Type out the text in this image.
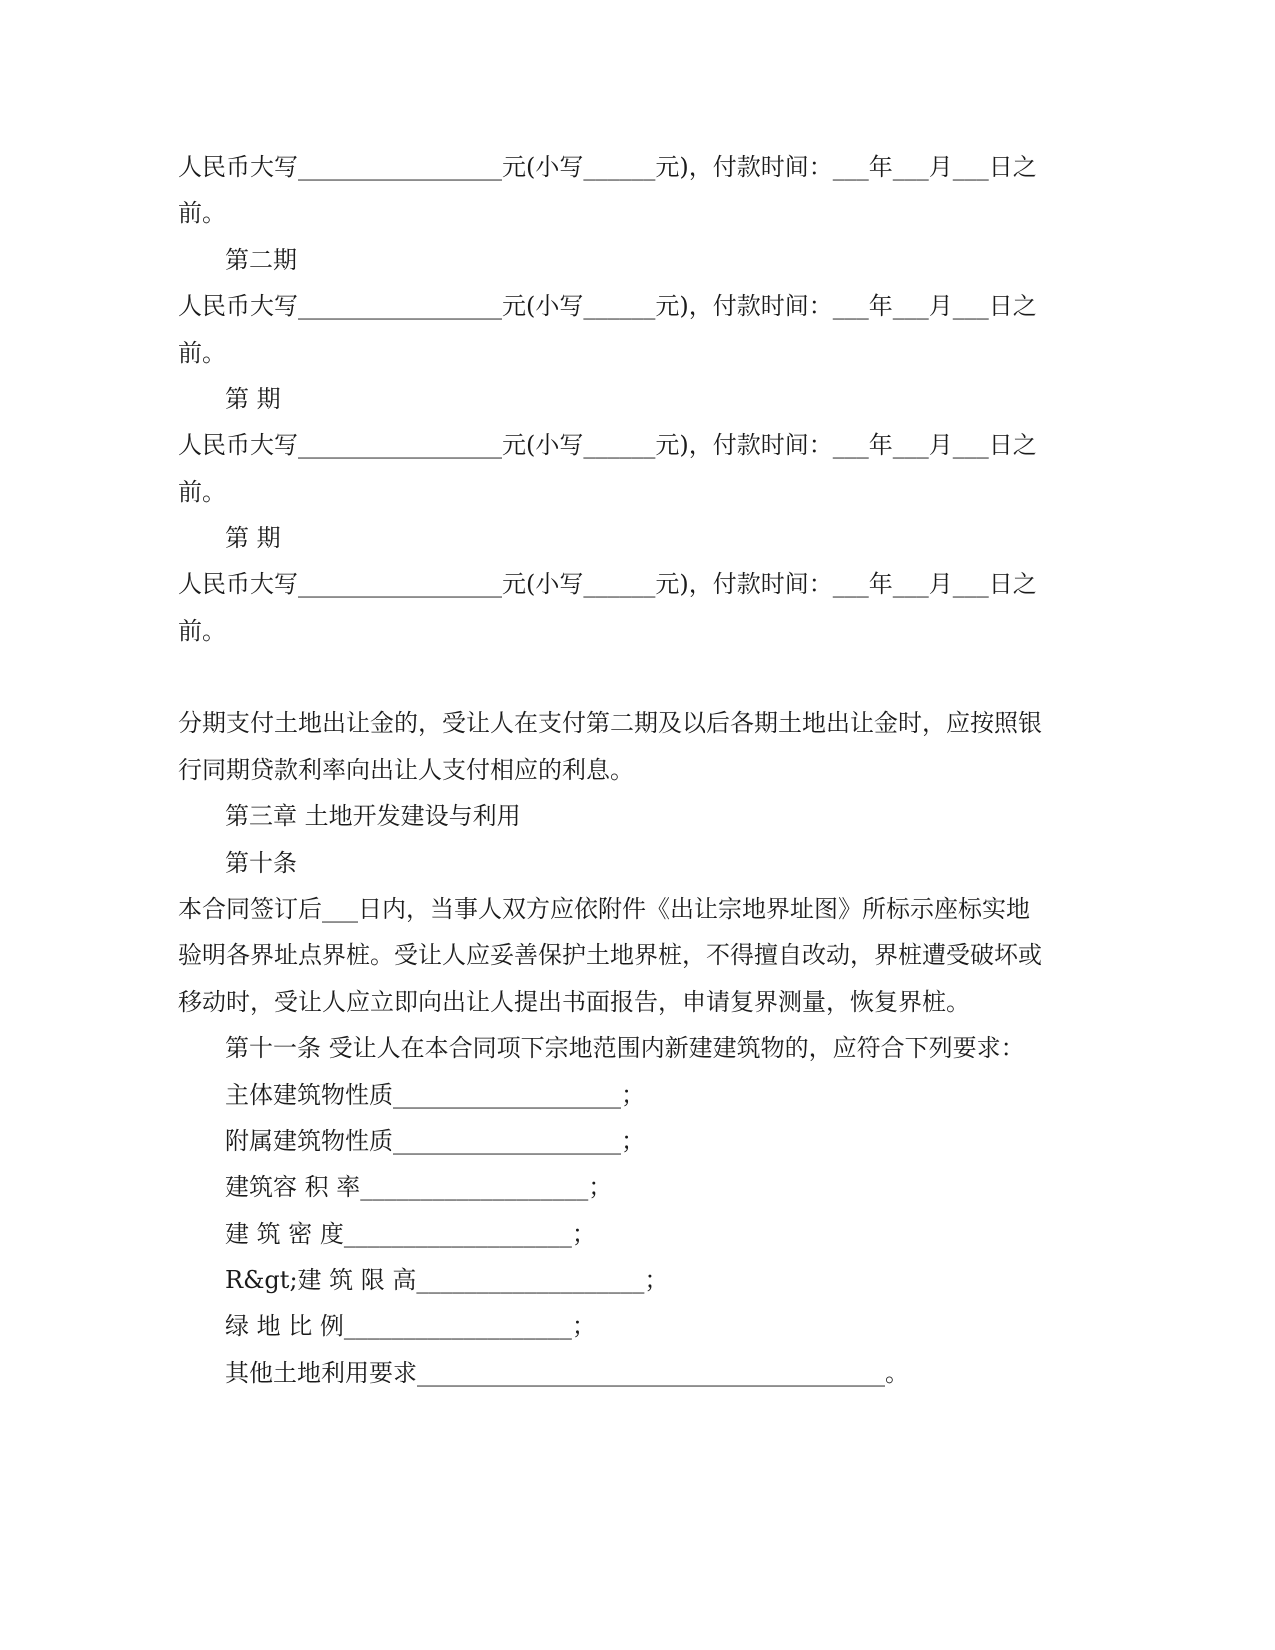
人民币大写_________________元(小写______元)，付款时间：___年___月___日之
前。
第二期
人民币大写_________________元(小写______元)，付款时间：___年___月___日之
前。
第 期
人民币大写_________________元(小写______元)，付款时间：___年___月___日之
前。
第 期
人民币大写_________________元(小写______元)，付款时间：___年___月___日之
前。
分期支付土地出让金的，受让人在支付第二期及以后各期土地出让金时，应按照银
行同期贷款利率向出让人支付相应的利息。
第三章 土地开发建设与利用
第十条
本合同签订后___日内，当事人双方应依附件《出让宗地界址图》所标示座标实地
验明各界址点界桩。受让人应妥善保护土地界桩，不得擅自改动，界桩遭受破坏或
移动时，受让人应立即向出让人提出书面报告，申请复界测量，恢复界桩。
第十一条 受让人在本合同项下宗地范围内新建建筑物的，应符合下列要求：
主体建筑物性质___________________；
附属建筑物性质___________________；
建筑容 积 率___________________；
建 筑 密 度___________________；
R&gt;建 筑 限 高___________________；
绿 地 比 例___________________；
其他土地利用要求_______________________________________。
